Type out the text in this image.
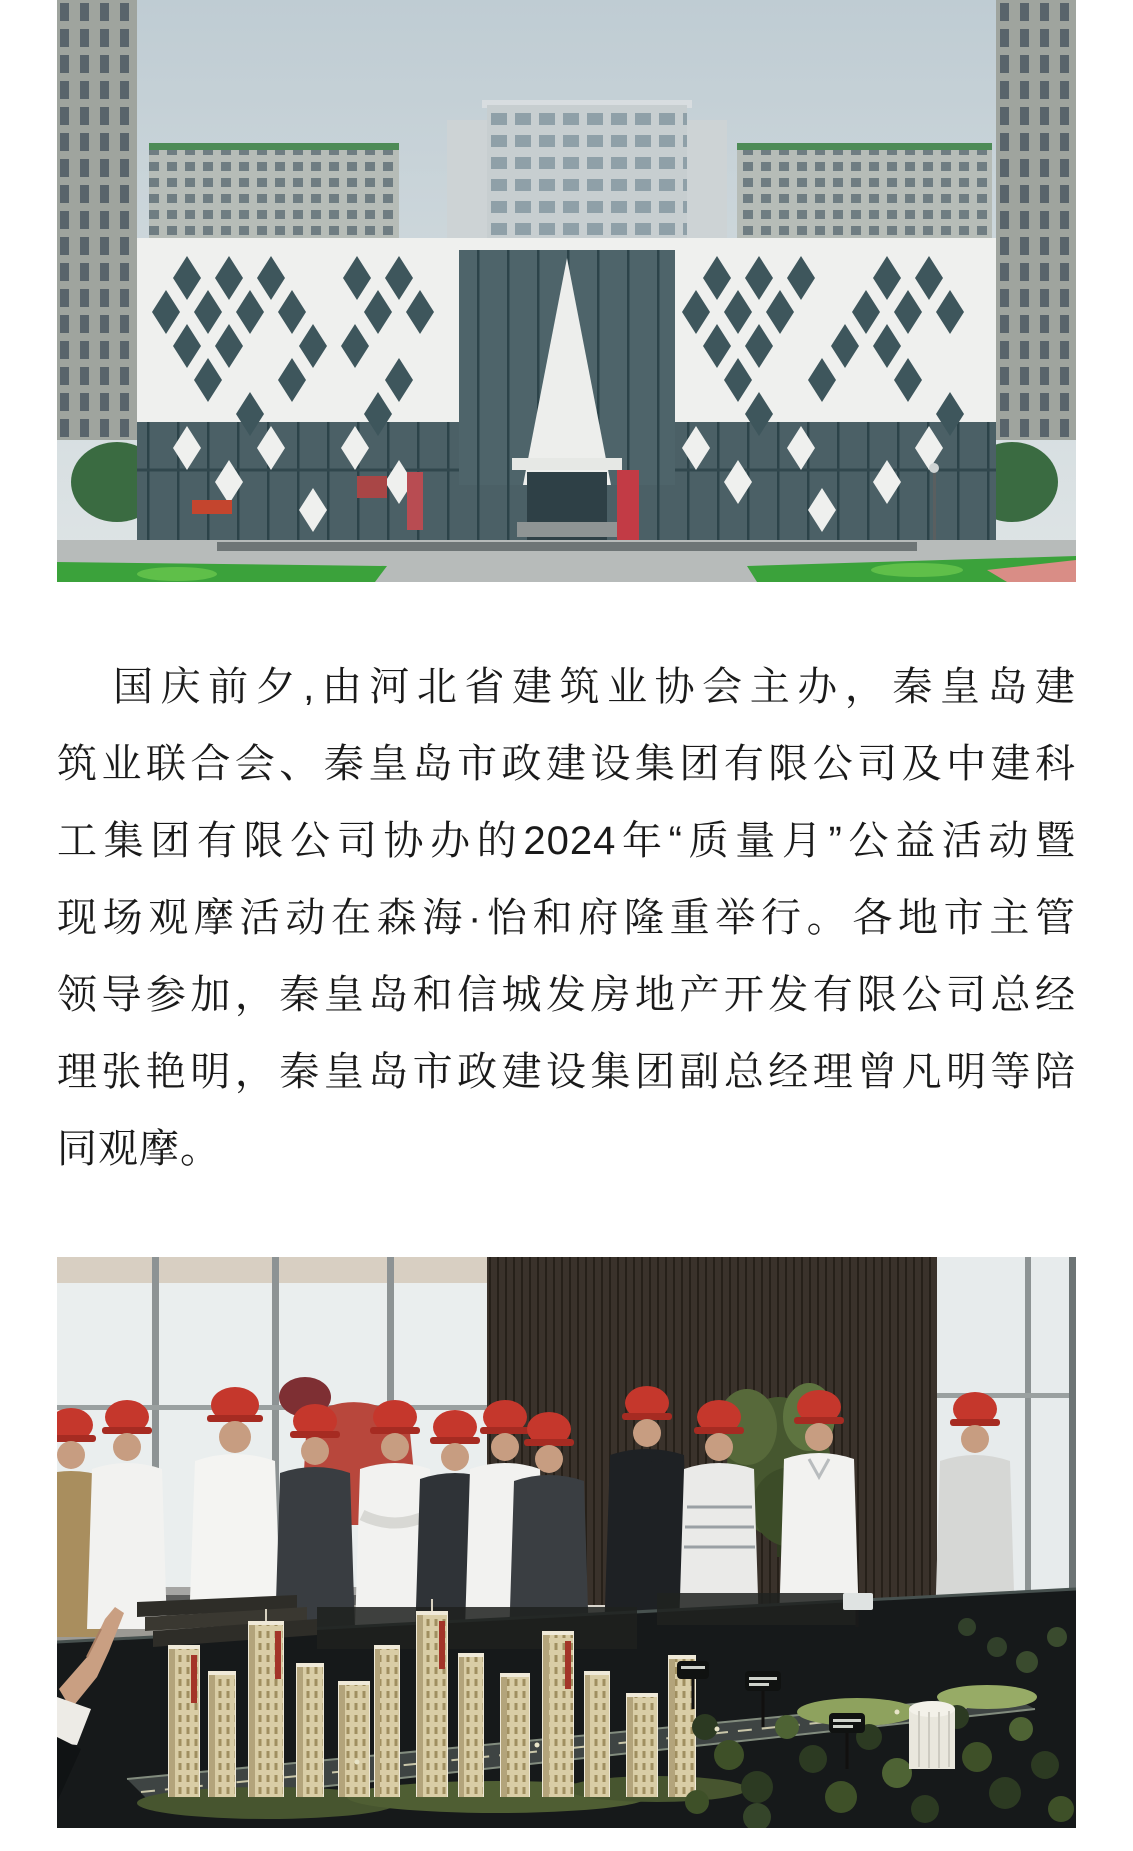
国庆前夕,由河北省建筑业协会主办，秦皇岛建
筑业联合会、秦皇岛市政建设集团有限公司及中建科
工集团有限公司协办的2024年“质量月”公益活动暨
现场观摩活动在森海·怡和府隆重举行。各地市主管
领导参加，秦皇岛和信城发房地产开发有限公司总经
理张艳明，秦皇岛市政建设集团副总经理曾凡明等陪
同观摩。
